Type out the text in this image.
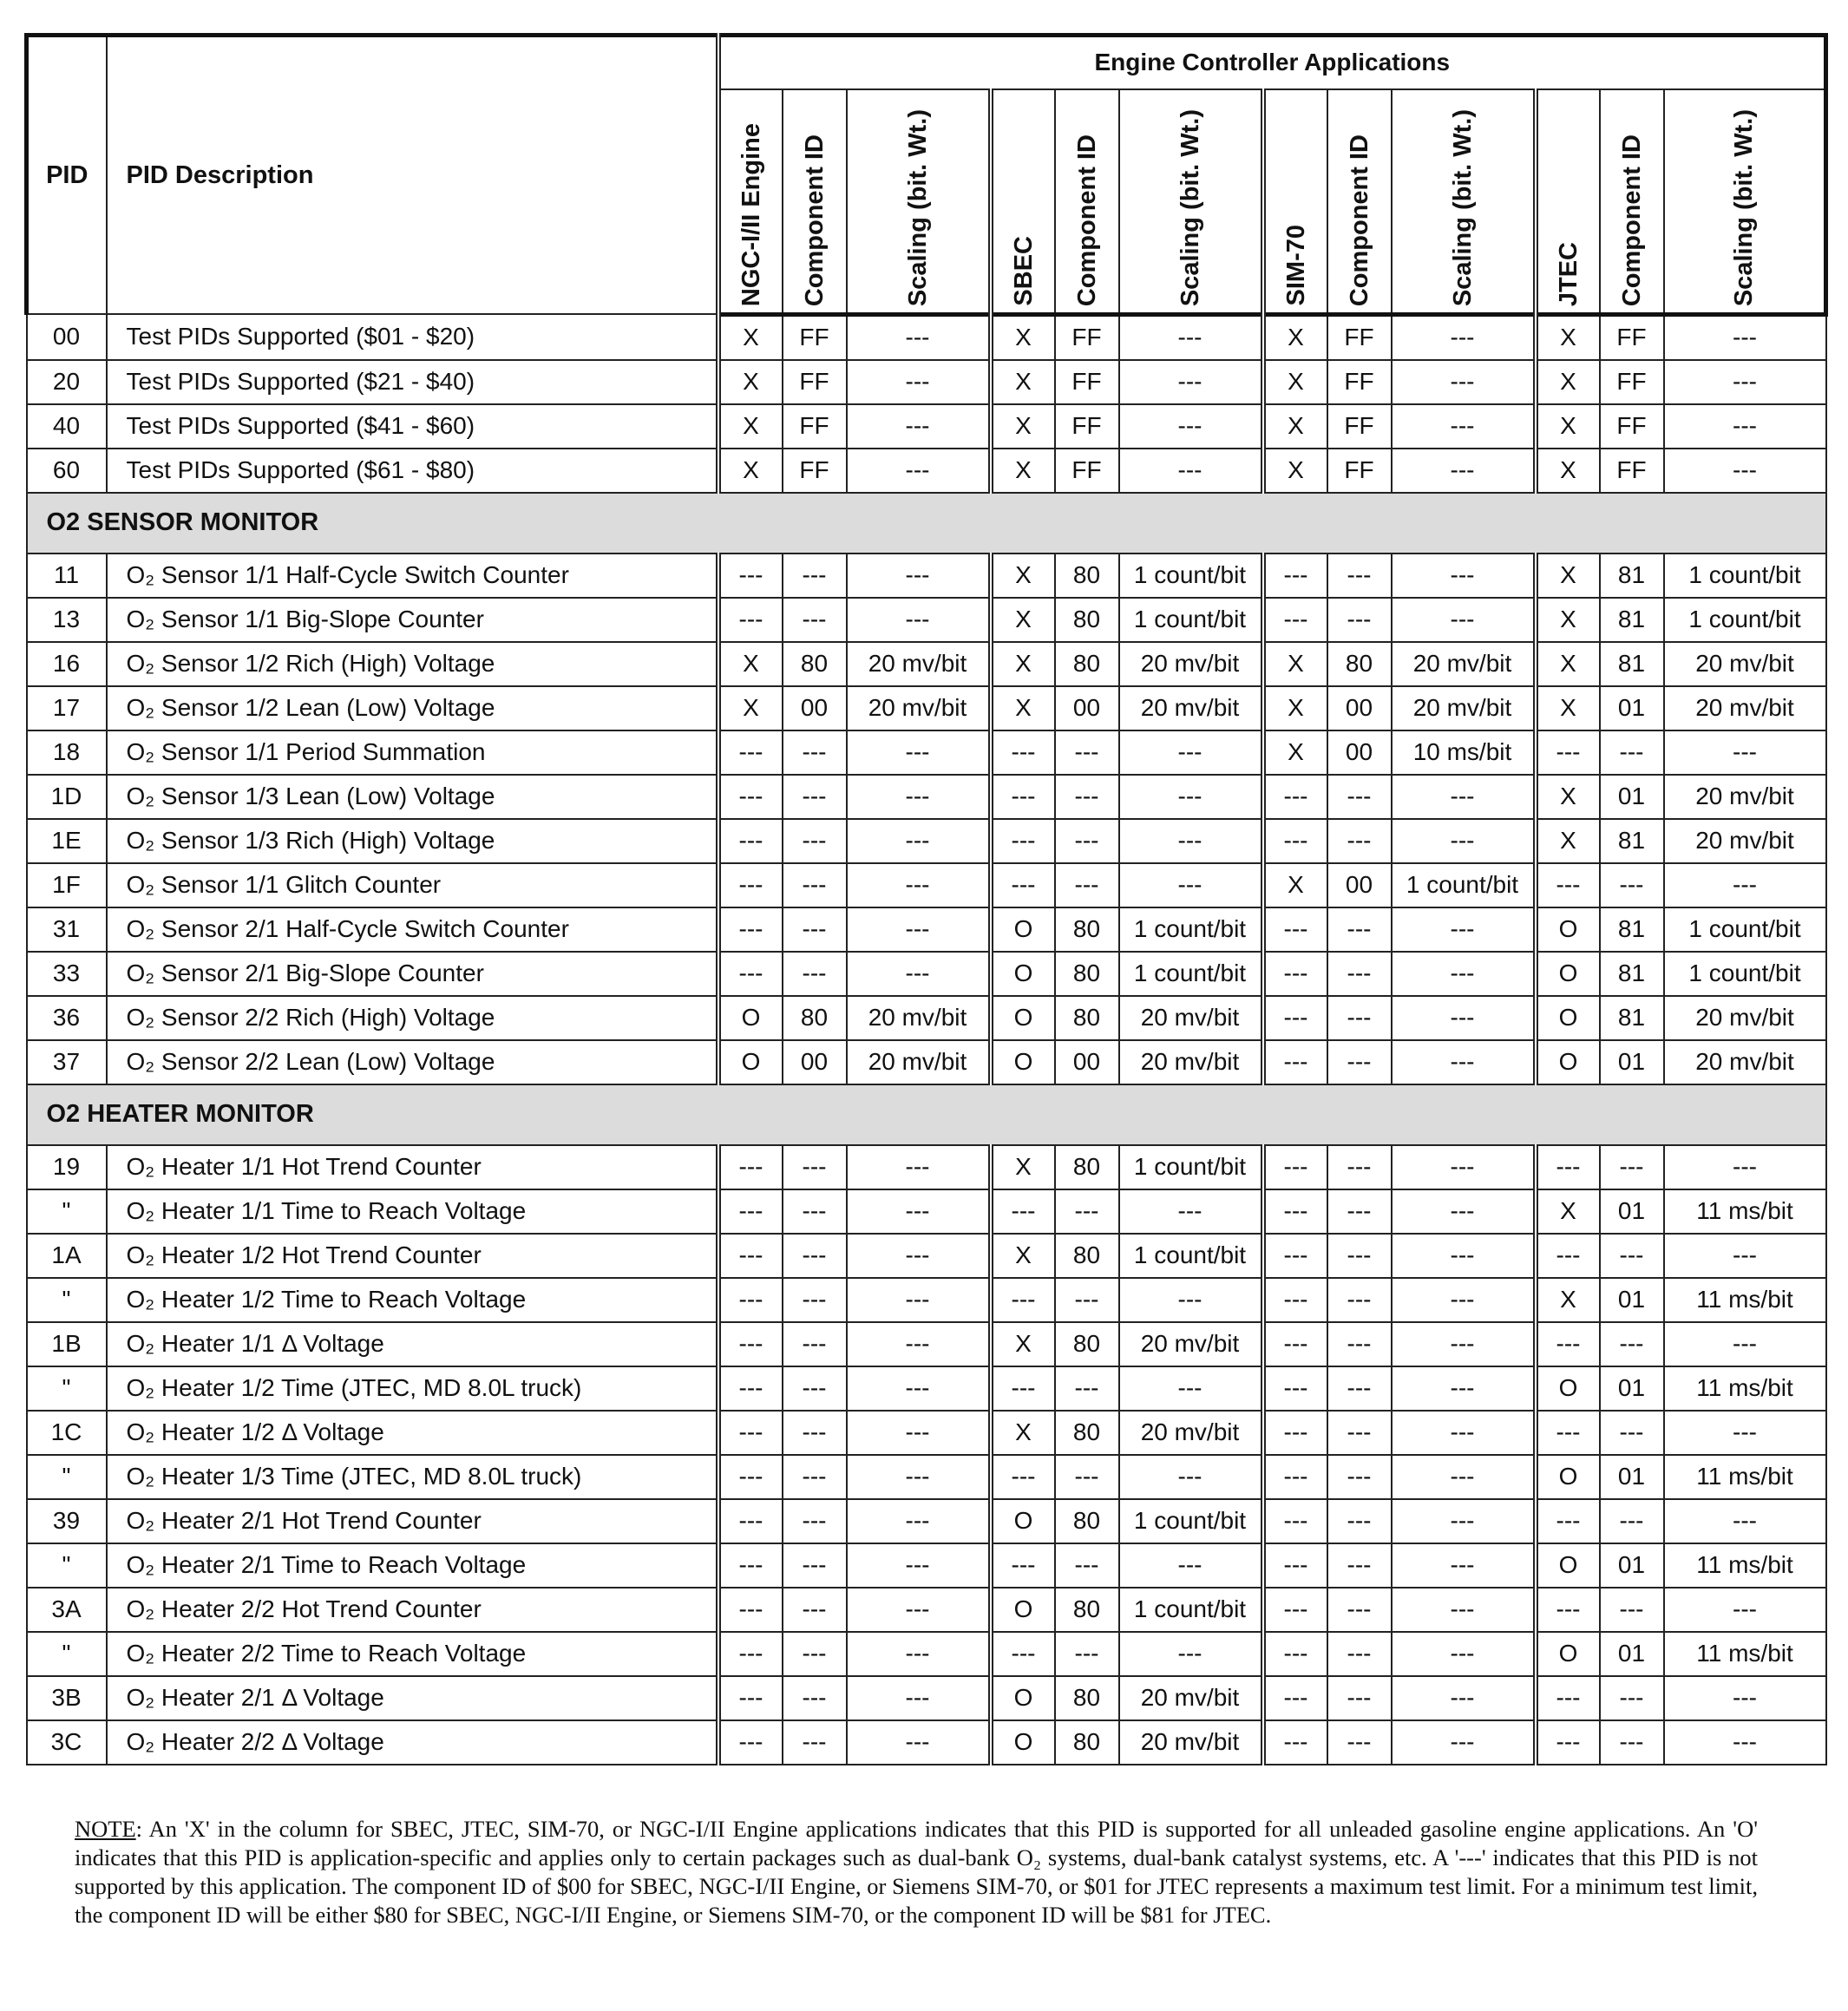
PID	PID Description	Engine Controller Applications											
		NGC-I/II Engine	Component ID	Scaling (bit. Wt.)	SBEC	Component ID	Scaling (bit. Wt.)	SIM-70	Component ID	Scaling (bit. Wt.)	JTEC	Component ID	Scaling (bit. Wt.)
00	Test PIDs Supported ($01 - $20)	X	FF	---	X	FF	---	X	FF	---	X	FF	---
20	Test PIDs Supported ($21 - $40)	X	FF	---	X	FF	---	X	FF	---	X	FF	---
40	Test PIDs Supported ($41 - $60)	X	FF	---	X	FF	---	X	FF	---	X	FF	---
60	Test PIDs Supported ($61 - $80)	X	FF	---	X	FF	---	X	FF	---	X	FF	---
O2 SENSOR MONITOR													
11	O₂ Sensor 1/1 Half-Cycle Switch Counter	---	---	---	X	80	1 count/bit	---	---	---	X	81	1 count/bit
13	O₂ Sensor 1/1 Big-Slope Counter	---	---	---	X	80	1 count/bit	---	---	---	X	81	1 count/bit
16	O₂ Sensor 1/2 Rich (High) Voltage	X	80	20 mv/bit	X	80	20 mv/bit	X	80	20 mv/bit	X	81	20 mv/bit
17	O₂ Sensor 1/2 Lean (Low) Voltage	X	00	20 mv/bit	X	00	20 mv/bit	X	00	20 mv/bit	X	01	20 mv/bit
18	O₂ Sensor 1/1 Period Summation	---	---	---	---	---	---	X	00	10 ms/bit	---	---	---
1D	O₂ Sensor 1/3 Lean (Low) Voltage	---	---	---	---	---	---	---	---	---	X	01	20 mv/bit
1E	O₂ Sensor 1/3 Rich (High) Voltage	---	---	---	---	---	---	---	---	---	X	81	20 mv/bit
1F	O₂ Sensor 1/1 Glitch Counter	---	---	---	---	---	---	X	00	1 count/bit	---	---	---
31	O₂ Sensor 2/1 Half-Cycle Switch Counter	---	---	---	O	80	1 count/bit	---	---	---	O	81	1 count/bit
33	O₂ Sensor 2/1 Big-Slope Counter	---	---	---	O	80	1 count/bit	---	---	---	O	81	1 count/bit
36	O₂ Sensor 2/2 Rich (High) Voltage	O	80	20 mv/bit	O	80	20 mv/bit	---	---	---	O	81	20 mv/bit
37	O₂ Sensor 2/2 Lean (Low) Voltage	O	00	20 mv/bit	O	00	20 mv/bit	---	---	---	O	01	20 mv/bit
O2 HEATER MONITOR													
19	O₂ Heater 1/1 Hot Trend Counter	---	---	---	X	80	1 count/bit	---	---	---	---	---	---
"	O₂ Heater 1/1 Time to Reach Voltage	---	---	---	---	---	---	---	---	---	X	01	11 ms/bit
1A	O₂ Heater 1/2 Hot Trend Counter	---	---	---	X	80	1 count/bit	---	---	---	---	---	---
"	O₂ Heater 1/2 Time to Reach Voltage	---	---	---	---	---	---	---	---	---	X	01	11 ms/bit
1B	O₂ Heater 1/1 Δ Voltage	---	---	---	X	80	20 mv/bit	---	---	---	---	---	---
"	O₂ Heater 1/2 Time (JTEC, MD 8.0L truck)	---	---	---	---	---	---	---	---	---	O	01	11 ms/bit
1C	O₂ Heater 1/2 Δ Voltage	---	---	---	X	80	20 mv/bit	---	---	---	---	---	---
"	O₂ Heater 1/3 Time (JTEC, MD 8.0L truck)	---	---	---	---	---	---	---	---	---	O	01	11 ms/bit
39	O₂ Heater 2/1 Hot Trend Counter	---	---	---	O	80	1 count/bit	---	---	---	---	---	---
"	O₂ Heater 2/1 Time to Reach Voltage	---	---	---	---	---	---	---	---	---	O	01	11 ms/bit
3A	O₂ Heater 2/2 Hot Trend Counter	---	---	---	O	80	1 count/bit	---	---	---	---	---	---
"	O₂ Heater 2/2 Time to Reach Voltage	---	---	---	---	---	---	---	---	---	O	01	11 ms/bit
3B	O₂ Heater 2/1 Δ Voltage	---	---	---	O	80	20 mv/bit	---	---	---	---	---	---
3C	O₂ Heater 2/2 Δ Voltage	---	---	---	O	80	20 mv/bit	---	---	---	---	---	---
NOTE: An 'X' in the column for SBEC, JTEC, SIM-70, or NGC-I/II Engine applications indicates that this PID is supported for all unleaded gasoline engine applications. An 'O' indicates that this PID is application-specific and applies only to certain packages such as dual-bank O₂ systems, dual-bank catalyst systems, etc. A '---' indicates that this PID is not supported by this application. The component ID of $00 for SBEC, NGC-I/II Engine, or Siemens SIM-70, or $01 for JTEC represents a maximum test limit. For a minimum test limit, the component ID will be either $80 for SBEC, NGC-I/II Engine, or Siemens SIM-70, or the component ID will be $81 for JTEC.
